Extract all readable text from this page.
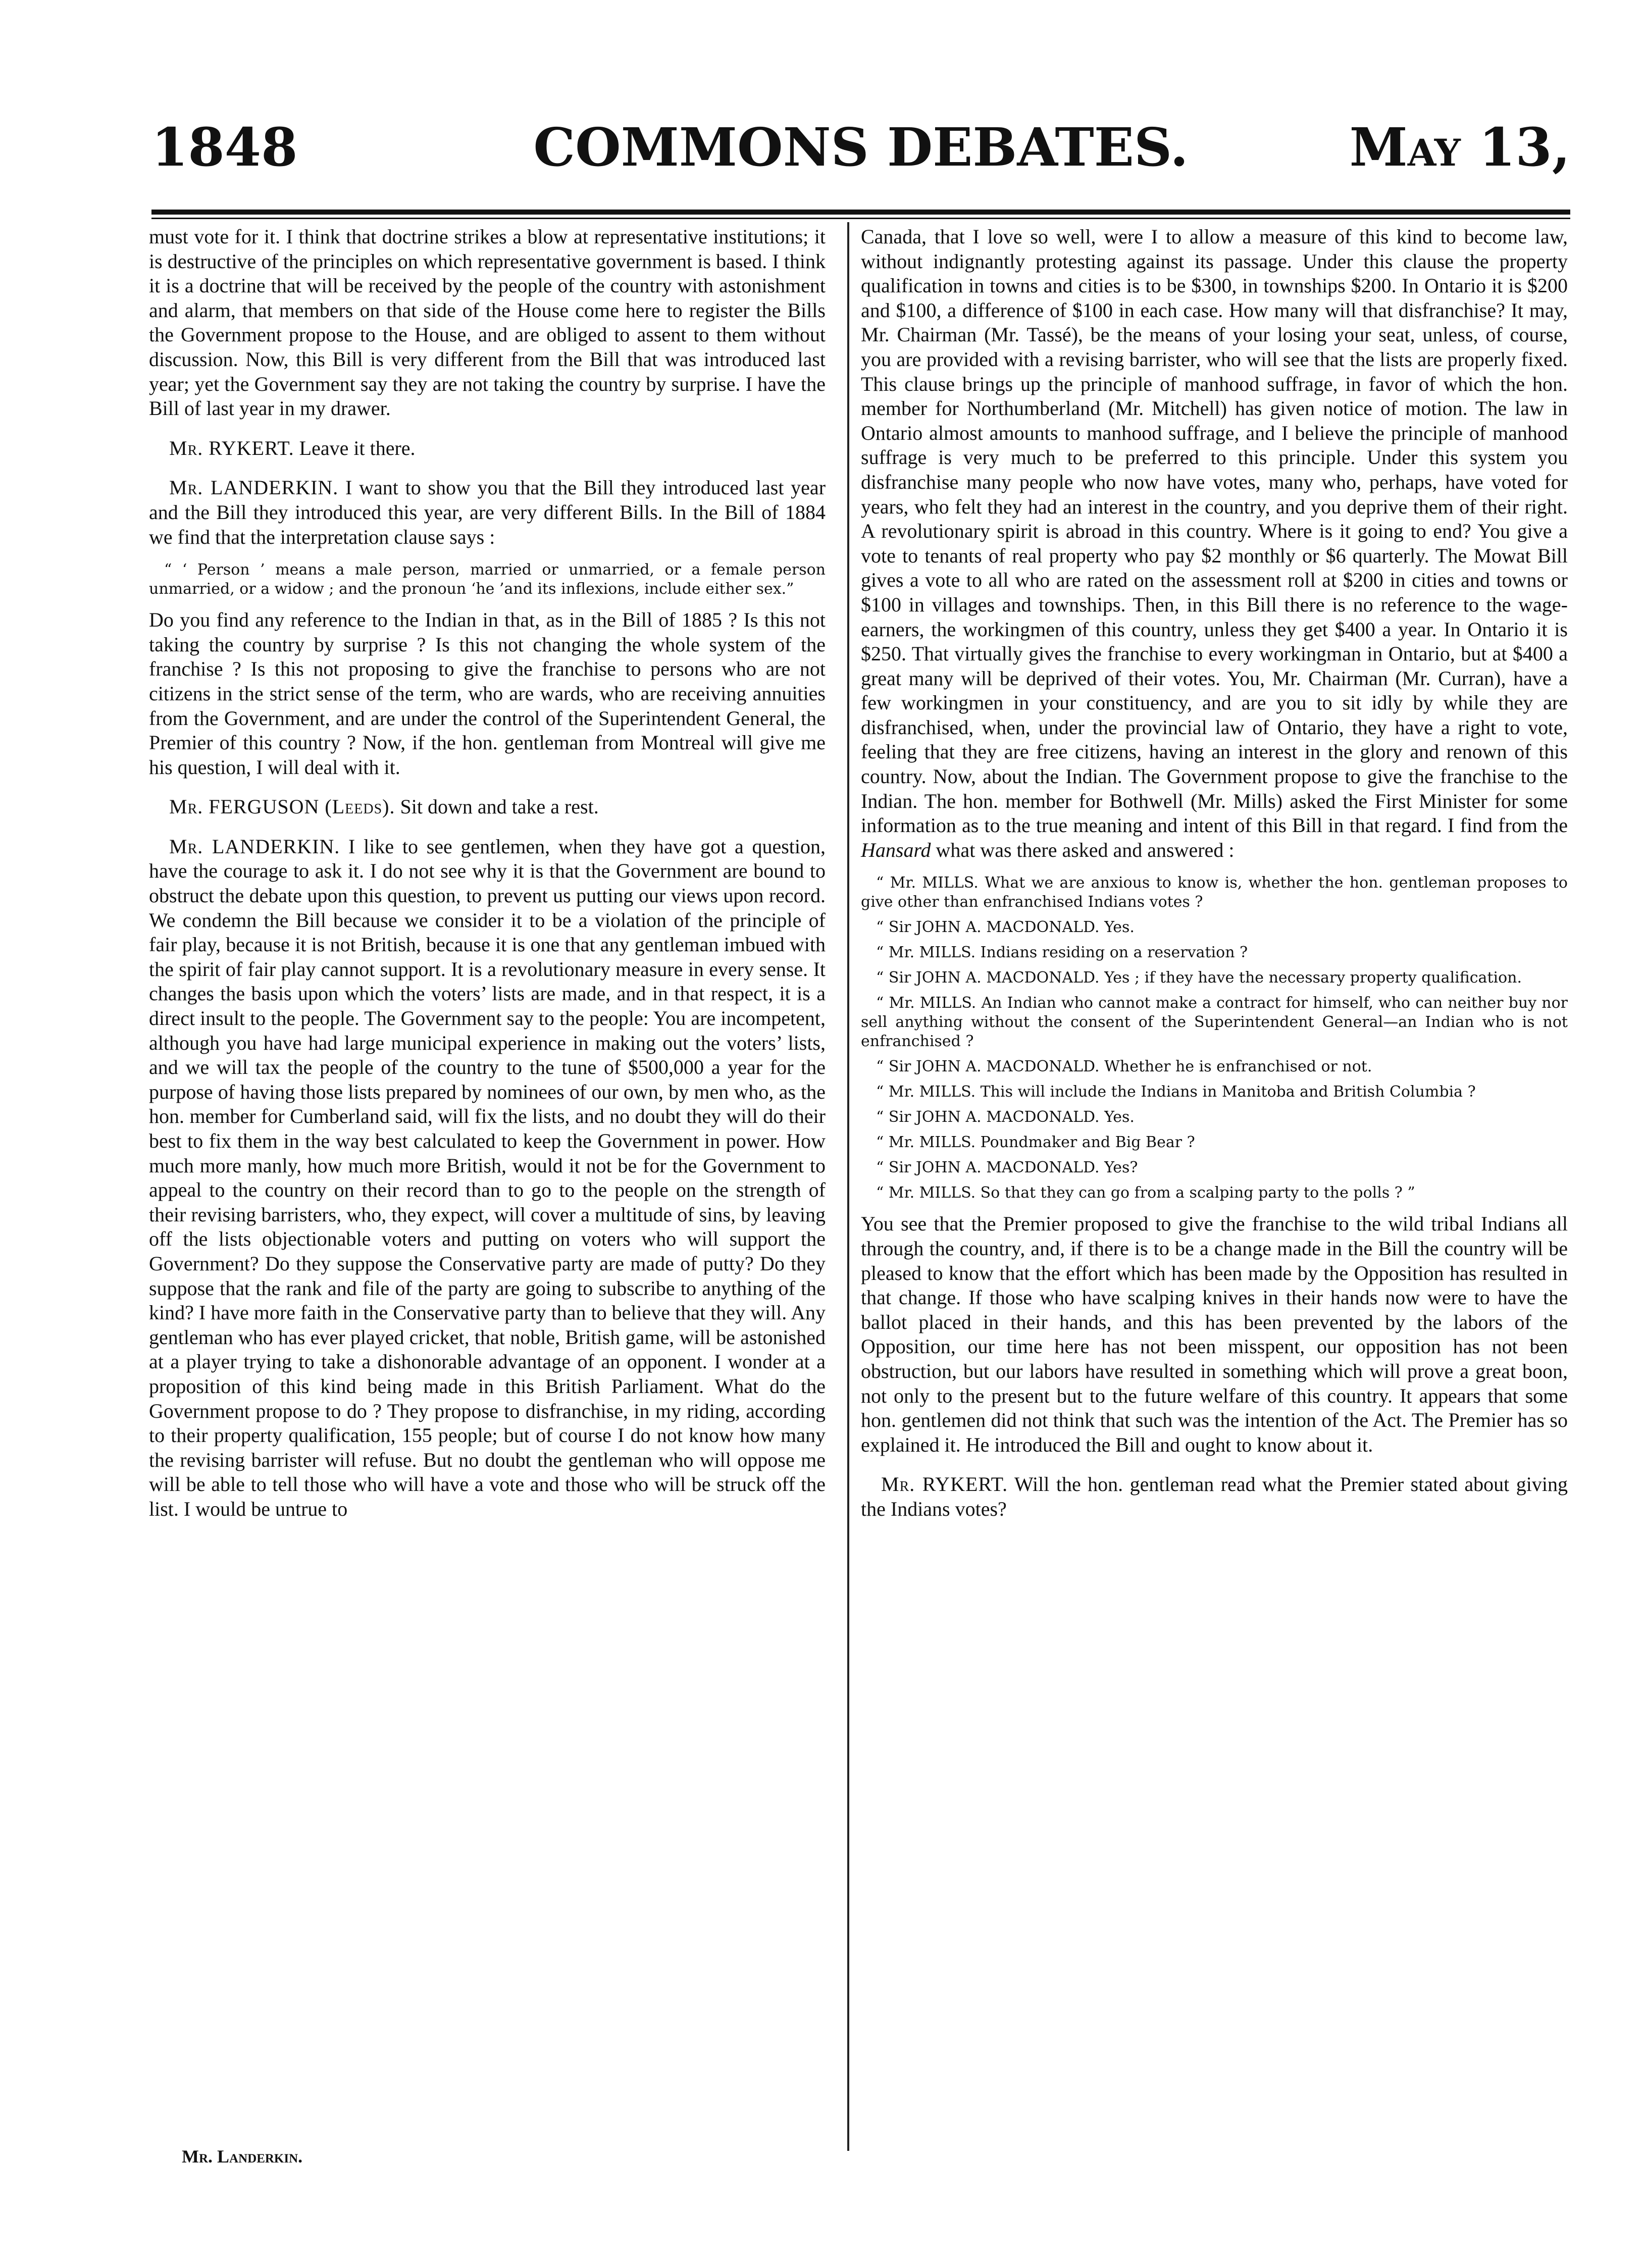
1848	COMMONS DEBATES.	May 13,

must vote for it. I think that doctrine strikes a blow at representative institutions; it is destructive of the principles on which representative government is based. I think it is a doctrine that will be received by the people of the country with astonishment and alarm, that members on that side of the House come here to register the Bills the Government propose to the House, and are obliged to assent to them without discussion. Now, this Bill is very different from the Bill that was introduced last year; yet the Government say they are not taking the country by surprise. I have the Bill of last year in my drawer.

Mr. RYKERT. Leave it there.

Mr. LANDERKIN. I want to show you that the Bill they introduced last year and the Bill they introduced this year, are very different Bills. In the Bill of 1884 we find that the interpretation clause says :

“ ‘ Person ’ means a male person, married or unmarried, or a female person unmarried, or a widow ; and the pronoun ‘he ’and its inflexions, include either sex.”

Do you find any reference to the Indian in that, as in the Bill of 1885 ? Is this not taking the country by surprise ? Is this not changing the whole system of the franchise ? Is this not proposing to give the franchise to persons who are not citizens in the strict sense of the term, who are wards, who are receiving annuities from the Government, and are under the control of the Superintendent General, the Premier of this country ? Now, if the hon. gentleman from Montreal will give me his question, I will deal with it.

Mr. FERGUSON (Leeds). Sit down and take a rest.

Mr. LANDERKIN. I like to see gentlemen, when they have got a question, have the courage to ask it. I do not see why it is that the Government are bound to obstruct the debate upon this question, to prevent us putting our views upon record. We condemn the Bill because we consider it to be a violation of the principle of fair play, because it is not British, because it is one that any gentleman imbued with the spirit of fair play cannot support. It is a revolutionary measure in every sense. It changes the basis upon which the voters’ lists are made, and in that respect, it is a direct insult to the people. The Government say to the people: You are incompetent, although you have had large municipal experience in making out the voters’ lists, and we will tax the people of the country to the tune of $500,000 a year for the purpose of having those lists prepared by nominees of our own, by men who, as the hon. member for Cumberland said, will fix the lists, and no doubt they will do their best to fix them in the way best calculated to keep the Government in power. How much more manly, how much more British, would it not be for the Government to appeal to the country on their record than to go to the people on the strength of their revising barristers, who, they expect, will cover a multitude of sins, by leaving off the lists objectionable voters and putting on voters who will support the Government? Do they suppose the Conservative party are made of putty? Do they suppose that the rank and file of the party are going to subscribe to anything of the kind? I have more faith in the Conservative party than to believe that they will. Any gentleman who has ever played cricket, that noble, British game, will be astonished at a player trying to take a dishonorable advantage of an opponent. I wonder at a proposition of this kind being made in this British Parliament. What do the Government propose to do ? They propose to disfranchise, in my riding, according to their property qualification, 155 people; but of course I do not know how many the revising barrister will refuse. But no doubt the gentleman who will oppose me will be able to tell those who will have a vote and those who will be struck off the list. I would be untrue to

Mr. Landerkin.

Canada, that I love so well, were I to allow a measure of this kind to become law, without indignantly protesting against its passage. Under this clause the property qualification in towns and cities is to be $300, in townships $200. In Ontario it is $200 and $100, a difference of $100 in each case. How many will that disfranchise? It may, Mr. Chairman (Mr. Tassé), be the means of your losing your seat, unless, of course, you are provided with a revising barrister, who will see that the lists are properly fixed. This clause brings up the principle of manhood suffrage, in favor of which the hon. member for Northumberland (Mr. Mitchell) has given notice of motion. The law in Ontario almost amounts to manhood suffrage, and I believe the principle of manhood suffrage is very much to be preferred to this principle. Under this system you disfranchise many people who now have votes, many who, perhaps, have voted for years, who felt they had an interest in the country, and you deprive them of their right. A revolutionary spirit is abroad in this country. Where is it going to end? You give a vote to tenants of real property who pay $2 monthly or $6 quarterly. The Mowat Bill gives a vote to all who are rated on the assessment roll at $200 in cities and towns or $100 in villages and townships. Then, in this Bill there is no reference to the wage-earners, the workingmen of this country, unless they get $400 a year. In Ontario it is $250. That virtually gives the franchise to every workingman in Ontario, but at $400 a great many will be deprived of their votes. You, Mr. Chairman (Mr. Curran), have a few workingmen in your constituency, and are you to sit idly by while they are disfranchised, when, under the provincial law of Ontario, they have a right to vote, feeling that they are free citizens, having an interest in the glory and renown of this country. Now, about the Indian. The Government propose to give the franchise to the Indian. The hon. member for Bothwell (Mr. Mills) asked the First Minister for some information as to the true meaning and intent of this Bill in that regard. I find from the Hansard what was there asked and answered :

“ Mr. MILLS. What we are anxious to know is, whether the hon. gentleman proposes to give other than enfranchised Indians votes ?

“ Sir JOHN A. MACDONALD. Yes.

“ Mr. MILLS. Indians residing on a reservation ?

“ Sir JOHN A. MACDONALD. Yes ; if they have the necessary property qualification.

“ Mr. MILLS. An Indian who cannot make a contract for himself, who can neither buy nor sell anything without the consent of the Superintendent General—an Indian who is not enfranchised ?

“ Sir JOHN A. MACDONALD. Whether he is enfranchised or not.

“ Mr. MILLS. This will include the Indians in Manitoba and British Columbia ?

“ Sir JOHN A. MACDONALD. Yes.

“ Mr. MILLS. Poundmaker and Big Bear ?

“ Sir JOHN A. MACDONALD. Yes?

“ Mr. MILLS. So that they can go from a scalping party to the polls ? ”

You see that the Premier proposed to give the franchise to the wild tribal Indians all through the country, and, if there is to be a change made in the Bill the country will be pleased to know that the effort which has been made by the Opposition has resulted in that change. If those who have scalping knives in their hands now were to have the ballot placed in their hands, and this has been prevented by the labors of the Opposition, our time here has not been misspent, our opposition has not been obstruction, but our labors have resulted in something which will prove a great boon, not only to the present but to the future welfare of this country. It appears that some hon. gentlemen did not think that such was the intention of the Act. The Premier has so explained it. He introduced the Bill and ought to know about it.

Mr. RYKERT. Will the hon. gentleman read what the Premier stated about giving the Indians votes?
